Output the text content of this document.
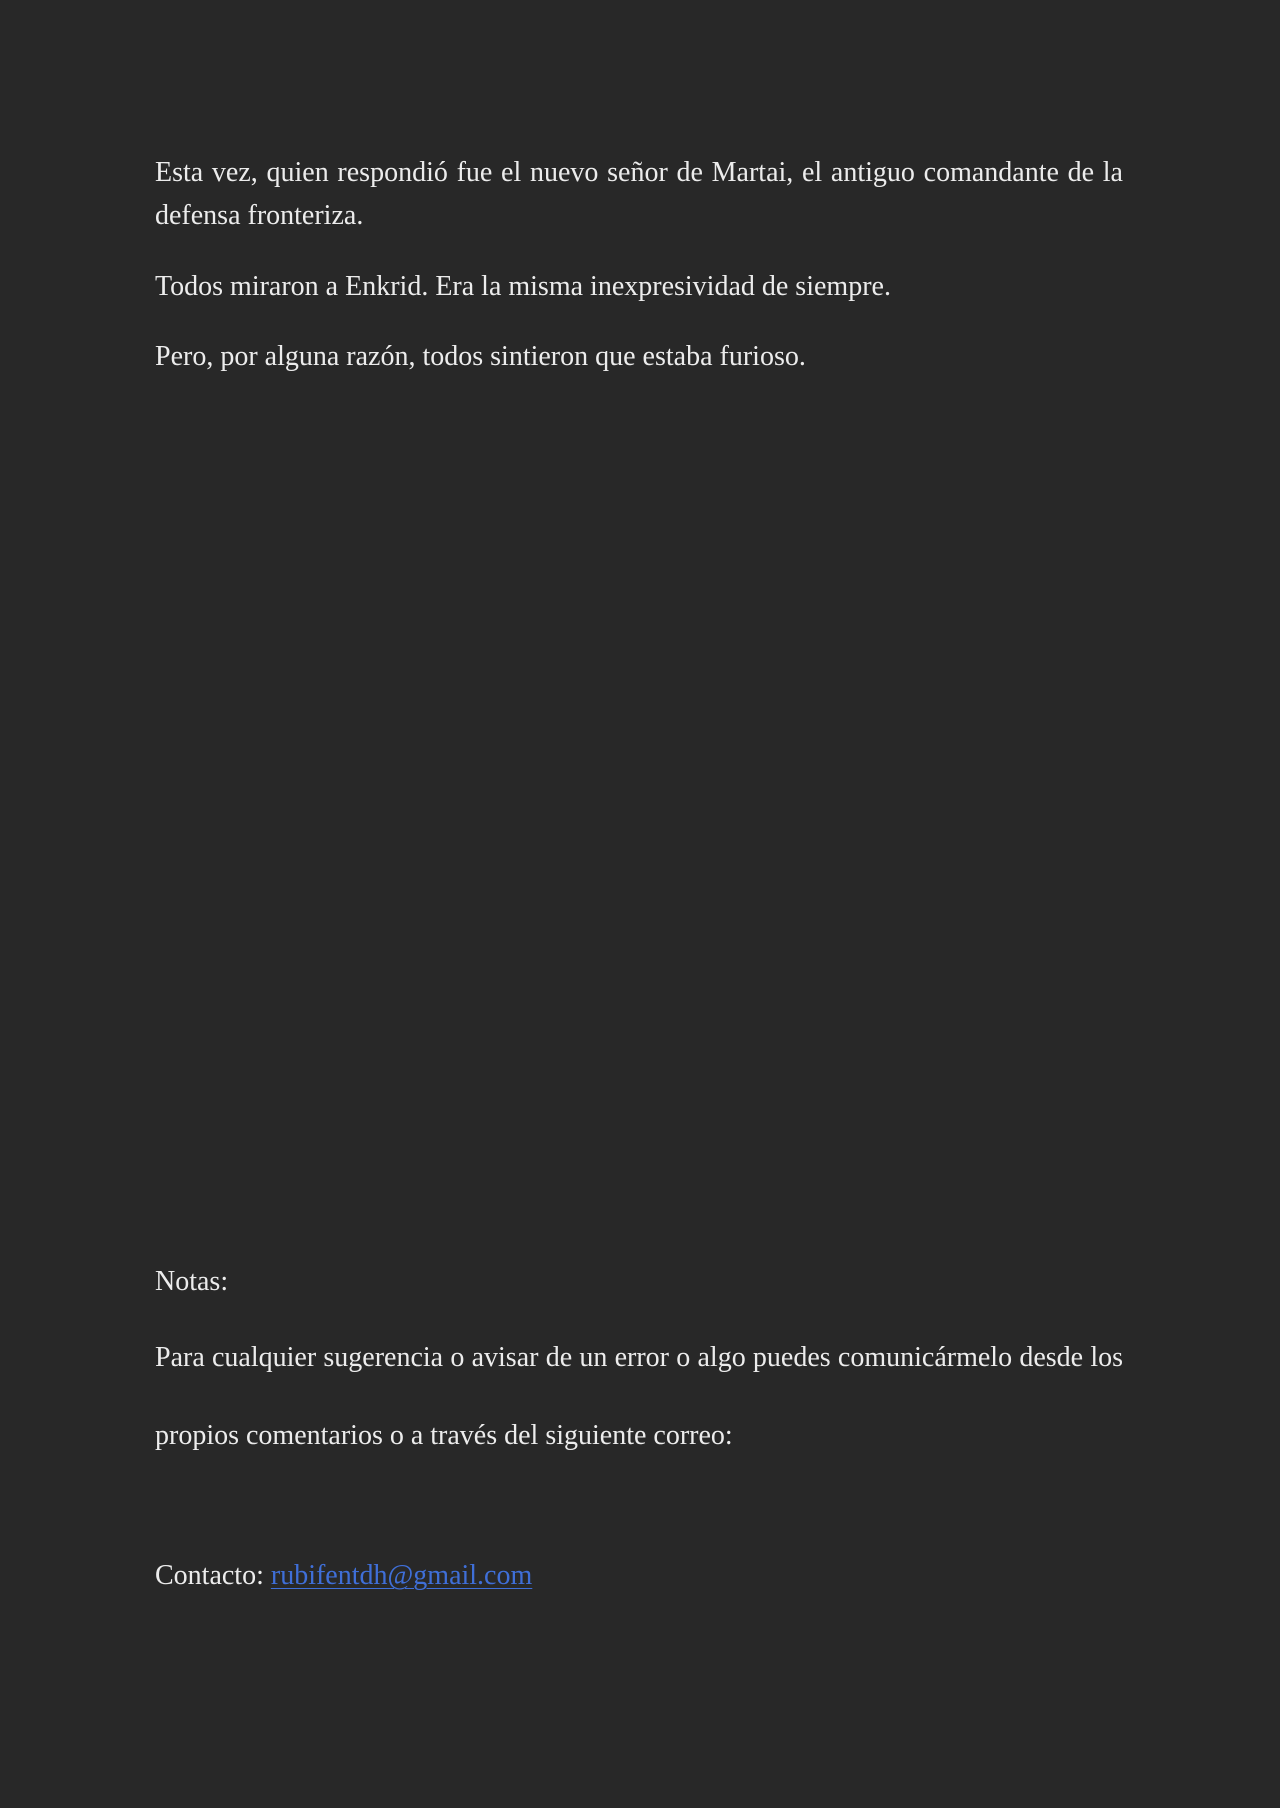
Esta vez, quien respondió fue el nuevo señor de Martai, el antiguo comandante de la defensa fronteriza.

Todos miraron a Enkrid. Era la misma inexpresividad de siempre.

Pero, por alguna razón, todos sintieron que estaba furioso.

Notas:

Para cualquier sugerencia o avisar de un error o algo puedes comunicármelo desde los

propios comentarios o a través del siguiente correo:

Contacto: rubifentdh@gmail.com
